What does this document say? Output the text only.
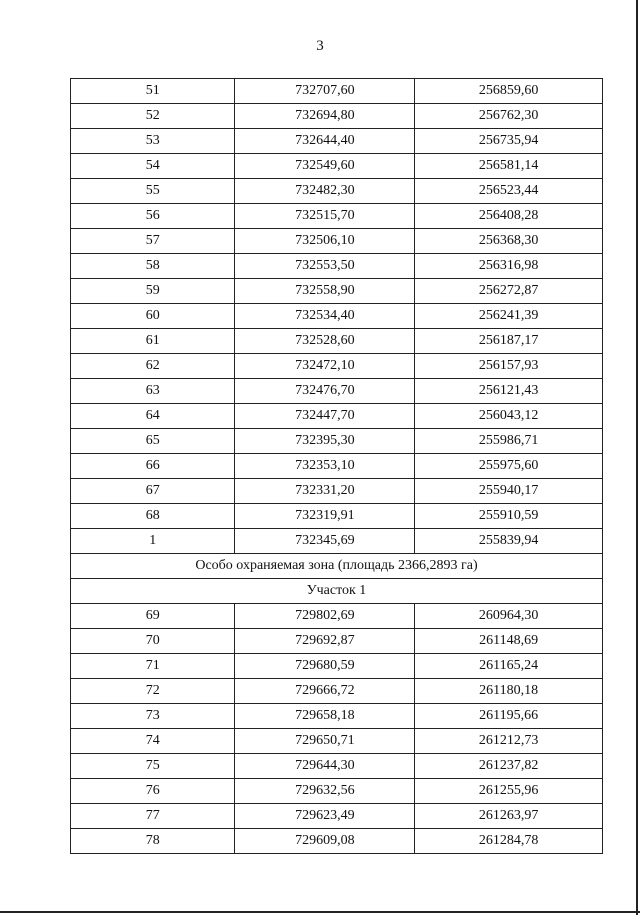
3
51	732707,60	256859,60
52	732694,80	256762,30
53	732644,40	256735,94
54	732549,60	256581,14
55	732482,30	256523,44
56	732515,70	256408,28
57	732506,10	256368,30
58	732553,50	256316,98
59	732558,90	256272,87
60	732534,40	256241,39
61	732528,60	256187,17
62	732472,10	256157,93
63	732476,70	256121,43
64	732447,70	256043,12
65	732395,30	255986,71
66	732353,10	255975,60
67	732331,20	255940,17
68	732319,91	255910,59
1	732345,69	255839,94
Особо охраняемая зона (площадь 2366,2893 га)		
Участок 1		
69	729802,69	260964,30
70	729692,87	261148,69
71	729680,59	261165,24
72	729666,72	261180,18
73	729658,18	261195,66
74	729650,71	261212,73
75	729644,30	261237,82
76	729632,56	261255,96
77	729623,49	261263,97
78	729609,08	261284,78
